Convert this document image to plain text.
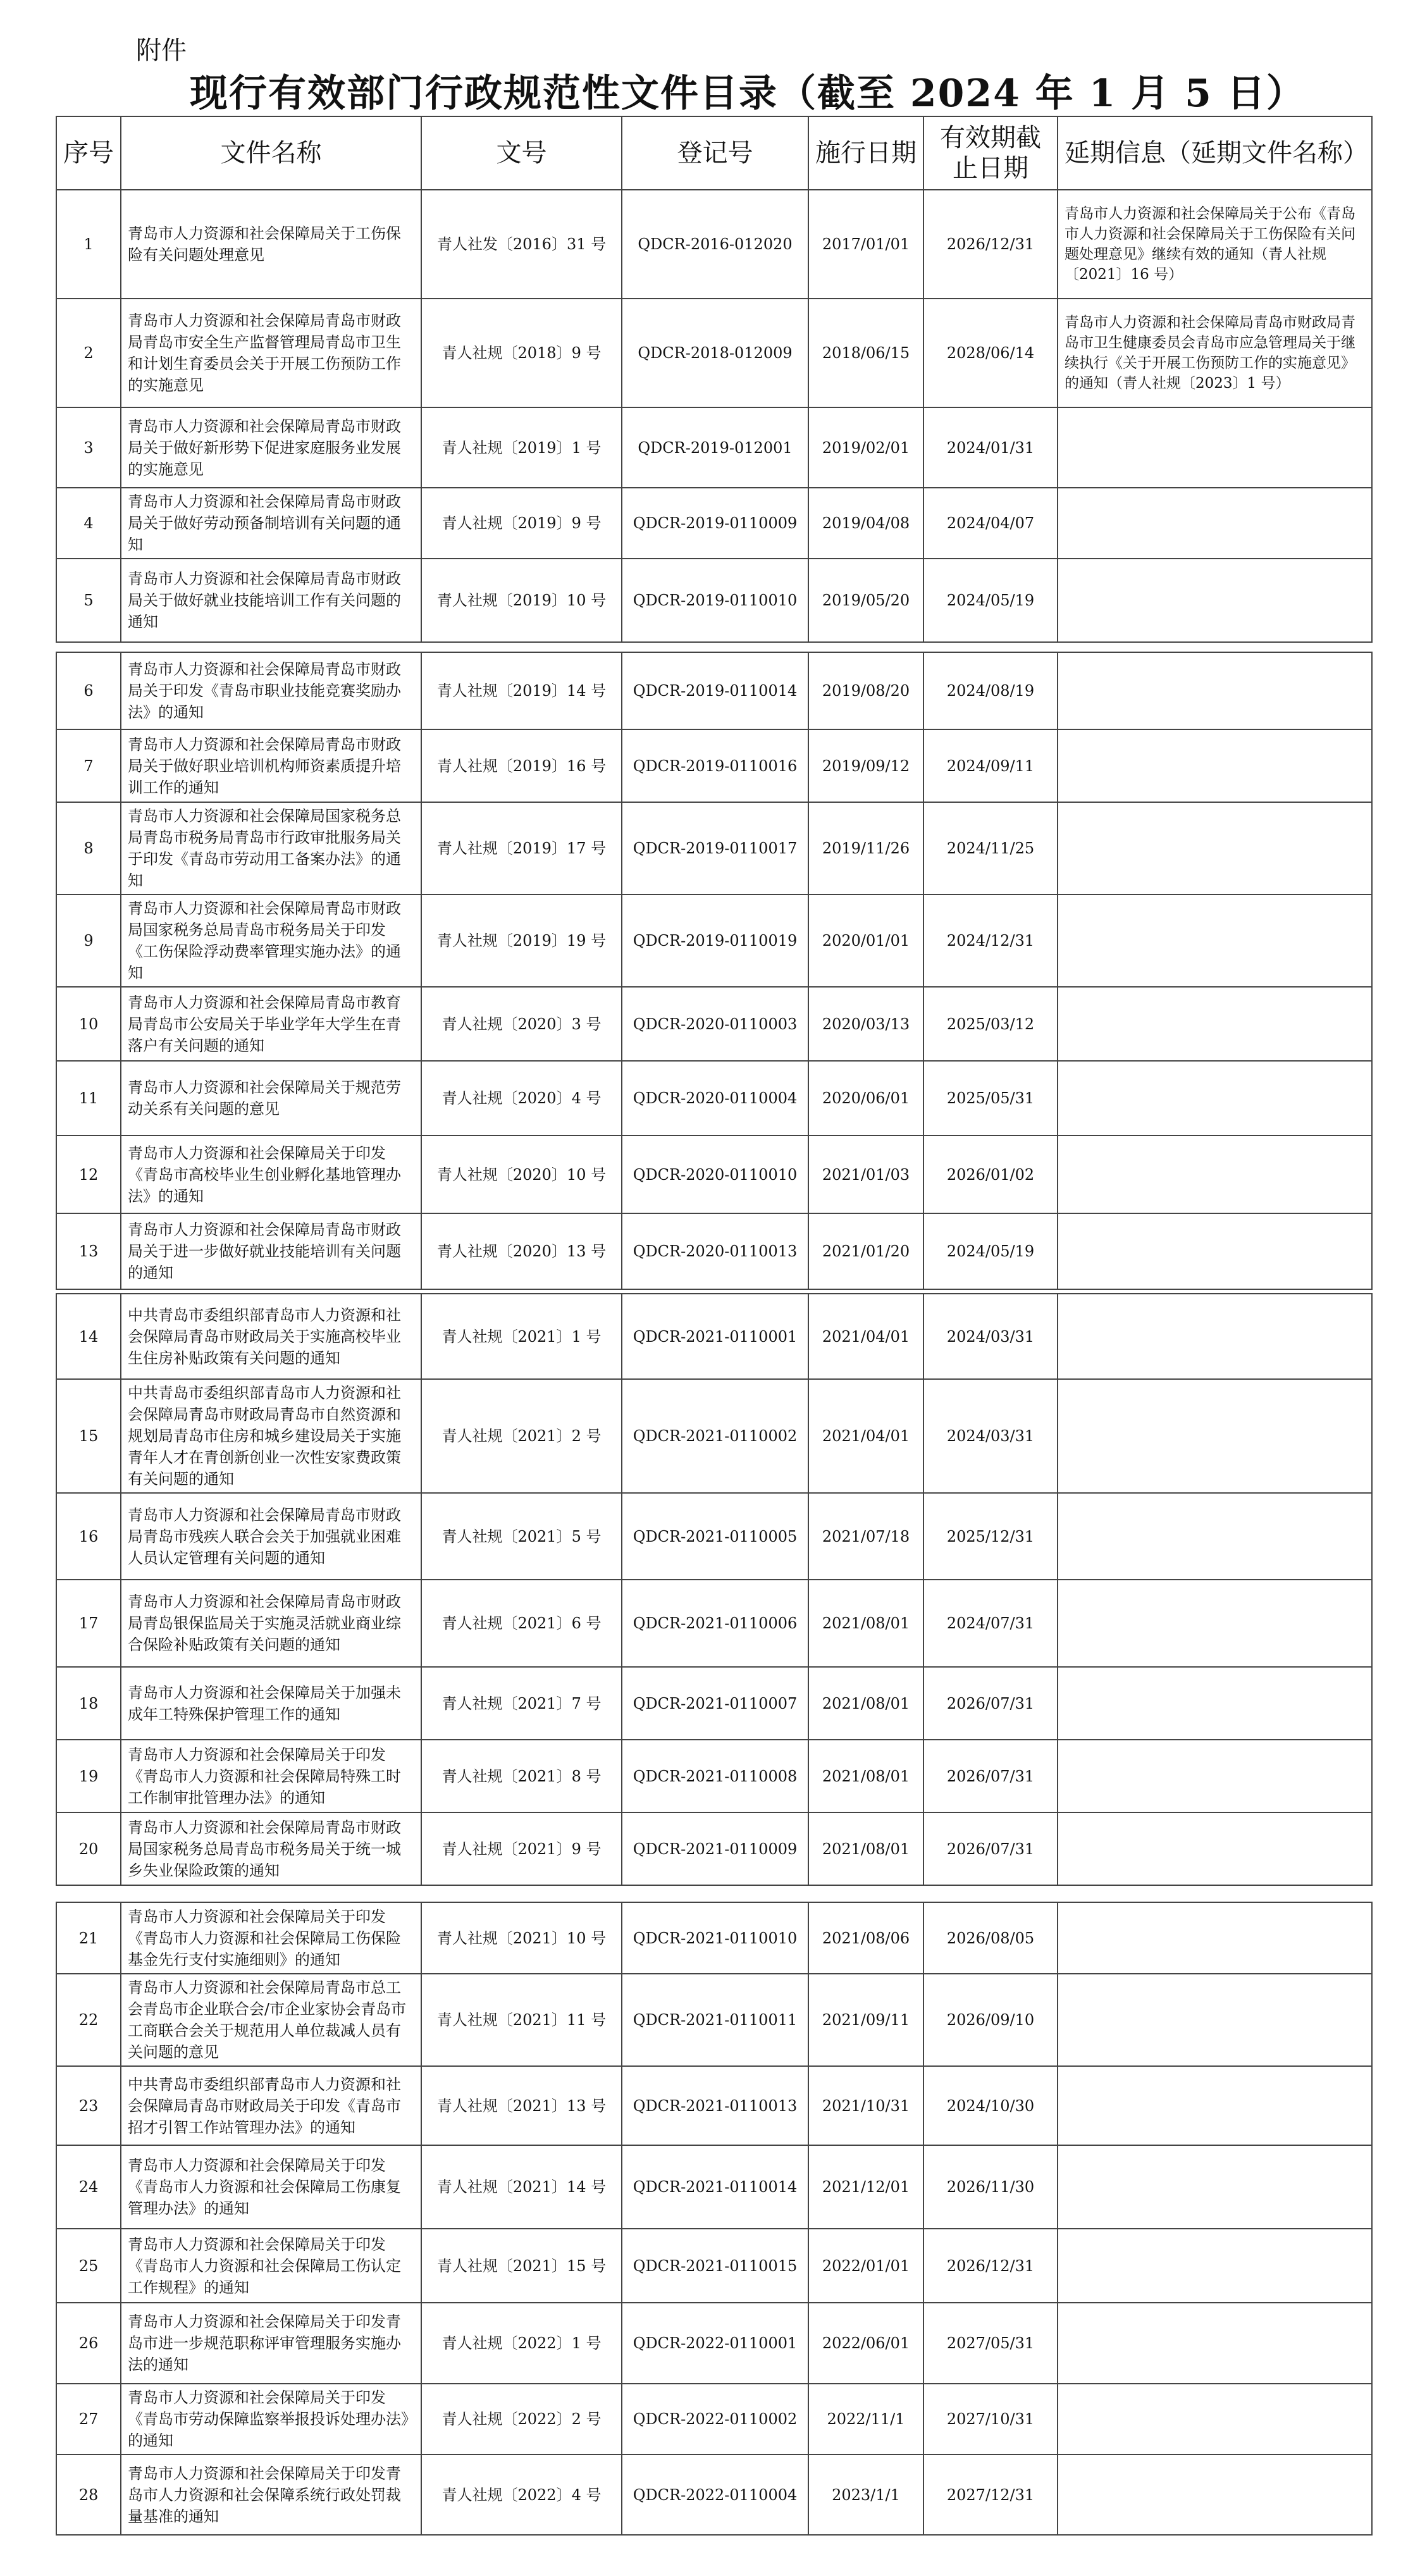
附件
现行有效部门行政规范性文件目录（截至 2024 年 1 月 5 日）
序号	文件名称	文号	登记号	施行日期	有效期截止日期	延期信息（延期文件名称）
1	青岛市人力资源和社会保障局关于工伤保险有关问题处理意见	青人社发〔2016〕31 号	QDCR-2016-012020	2017/01/01	2026/12/31	青岛市人力资源和社会保障局关于公布《青岛市人力资源和社会保障局关于工伤保险有关问题处理意见》继续有效的通知（青人社规〔2021〕16 号）
2	青岛市人力资源和社会保障局青岛市财政局青岛市安全生产监督管理局青岛市卫生和计划生育委员会关于开展工伤预防工作的实施意见	青人社规〔2018〕9 号	QDCR-2018-012009	2018/06/15	2028/06/14	青岛市人力资源和社会保障局青岛市财政局青岛市卫生健康委员会青岛市应急管理局关于继续执行《关于开展工伤预防工作的实施意见》的通知（青人社规〔2023〕1 号）
3	青岛市人力资源和社会保障局青岛市财政局关于做好新形势下促进家庭服务业发展的实施意见	青人社规〔2019〕1 号	QDCR-2019-012001	2019/02/01	2024/01/31	
4	青岛市人力资源和社会保障局青岛市财政局关于做好劳动预备制培训有关问题的通知	青人社规〔2019〕9 号	QDCR-2019-0110009	2019/04/08	2024/04/07	
5	青岛市人力资源和社会保障局青岛市财政局关于做好就业技能培训工作有关问题的通知	青人社规〔2019〕10 号	QDCR-2019-0110010	2019/05/20	2024/05/19	
6	青岛市人力资源和社会保障局青岛市财政局关于印发《青岛市职业技能竞赛奖励办法》的通知	青人社规〔2019〕14 号	QDCR-2019-0110014	2019/08/20	2024/08/19	
7	青岛市人力资源和社会保障局青岛市财政局关于做好职业培训机构师资素质提升培训工作的通知	青人社规〔2019〕16 号	QDCR-2019-0110016	2019/09/12	2024/09/11	
8	青岛市人力资源和社会保障局国家税务总局青岛市税务局青岛市行政审批服务局关于印发《青岛市劳动用工备案办法》的通知	青人社规〔2019〕17 号	QDCR-2019-0110017	2019/11/26	2024/11/25	
9	青岛市人力资源和社会保障局青岛市财政局国家税务总局青岛市税务局关于印发《工伤保险浮动费率管理实施办法》的通知	青人社规〔2019〕19 号	QDCR-2019-0110019	2020/01/01	2024/12/31	
10	青岛市人力资源和社会保障局青岛市教育局青岛市公安局关于毕业学年大学生在青落户有关问题的通知	青人社规〔2020〕3 号	QDCR-2020-0110003	2020/03/13	2025/03/12	
11	青岛市人力资源和社会保障局关于规范劳动关系有关问题的意见	青人社规〔2020〕4 号	QDCR-2020-0110004	2020/06/01	2025/05/31	
12	青岛市人力资源和社会保障局关于印发《青岛市高校毕业生创业孵化基地管理办法》的通知	青人社规〔2020〕10 号	QDCR-2020-0110010	2021/01/03	2026/01/02	
13	青岛市人力资源和社会保障局青岛市财政局关于进一步做好就业技能培训有关问题的通知	青人社规〔2020〕13 号	QDCR-2020-0110013	2021/01/20	2024/05/19	
14	中共青岛市委组织部青岛市人力资源和社会保障局青岛市财政局关于实施高校毕业生住房补贴政策有关问题的通知	青人社规〔2021〕1 号	QDCR-2021-0110001	2021/04/01	2024/03/31	
15	中共青岛市委组织部青岛市人力资源和社会保障局青岛市财政局青岛市自然资源和规划局青岛市住房和城乡建设局关于实施青年人才在青创新创业一次性安家费政策有关问题的通知	青人社规〔2021〕2 号	QDCR-2021-0110002	2021/04/01	2024/03/31	
16	青岛市人力资源和社会保障局青岛市财政局青岛市残疾人联合会关于加强就业困难人员认定管理有关问题的通知	青人社规〔2021〕5 号	QDCR-2021-0110005	2021/07/18	2025/12/31	
17	青岛市人力资源和社会保障局青岛市财政局青岛银保监局关于实施灵活就业商业综合保险补贴政策有关问题的通知	青人社规〔2021〕6 号	QDCR-2021-0110006	2021/08/01	2024/07/31	
18	青岛市人力资源和社会保障局关于加强未成年工特殊保护管理工作的通知	青人社规〔2021〕7 号	QDCR-2021-0110007	2021/08/01	2026/07/31	
19	青岛市人力资源和社会保障局关于印发《青岛市人力资源和社会保障局特殊工时工作制审批管理办法》的通知	青人社规〔2021〕8 号	QDCR-2021-0110008	2021/08/01	2026/07/31	
20	青岛市人力资源和社会保障局青岛市财政局国家税务总局青岛市税务局关于统一城乡失业保险政策的通知	青人社规〔2021〕9 号	QDCR-2021-0110009	2021/08/01	2026/07/31	
21	青岛市人力资源和社会保障局关于印发《青岛市人力资源和社会保障局工伤保险基金先行支付实施细则》的通知	青人社规〔2021〕10 号	QDCR-2021-0110010	2021/08/06	2026/08/05	
22	青岛市人力资源和社会保障局青岛市总工会青岛市企业联合会/市企业家协会青岛市工商联合会关于规范用人单位裁减人员有关问题的意见	青人社规〔2021〕11 号	QDCR-2021-0110011	2021/09/11	2026/09/10	
23	中共青岛市委组织部青岛市人力资源和社会保障局青岛市财政局关于印发《青岛市招才引智工作站管理办法》的通知	青人社规〔2021〕13 号	QDCR-2021-0110013	2021/10/31	2024/10/30	
24	青岛市人力资源和社会保障局关于印发《青岛市人力资源和社会保障局工伤康复管理办法》的通知	青人社规〔2021〕14 号	QDCR-2021-0110014	2021/12/01	2026/11/30	
25	青岛市人力资源和社会保障局关于印发《青岛市人力资源和社会保障局工伤认定工作规程》的通知	青人社规〔2021〕15 号	QDCR-2021-0110015	2022/01/01	2026/12/31	
26	青岛市人力资源和社会保障局关于印发青岛市进一步规范职称评审管理服务实施办法的通知	青人社规〔2022〕1 号	QDCR-2022-0110001	2022/06/01	2027/05/31	
27	青岛市人力资源和社会保障局关于印发《青岛市劳动保障监察举报投诉处理办法》的通知	青人社规〔2022〕2 号	QDCR-2022-0110002	2022/11/1	2027/10/31	
28	青岛市人力资源和社会保障局关于印发青岛市人力资源和社会保障系统行政处罚裁量基准的通知	青人社规〔2022〕4 号	QDCR-2022-0110004	2023/1/1	2027/12/31	
